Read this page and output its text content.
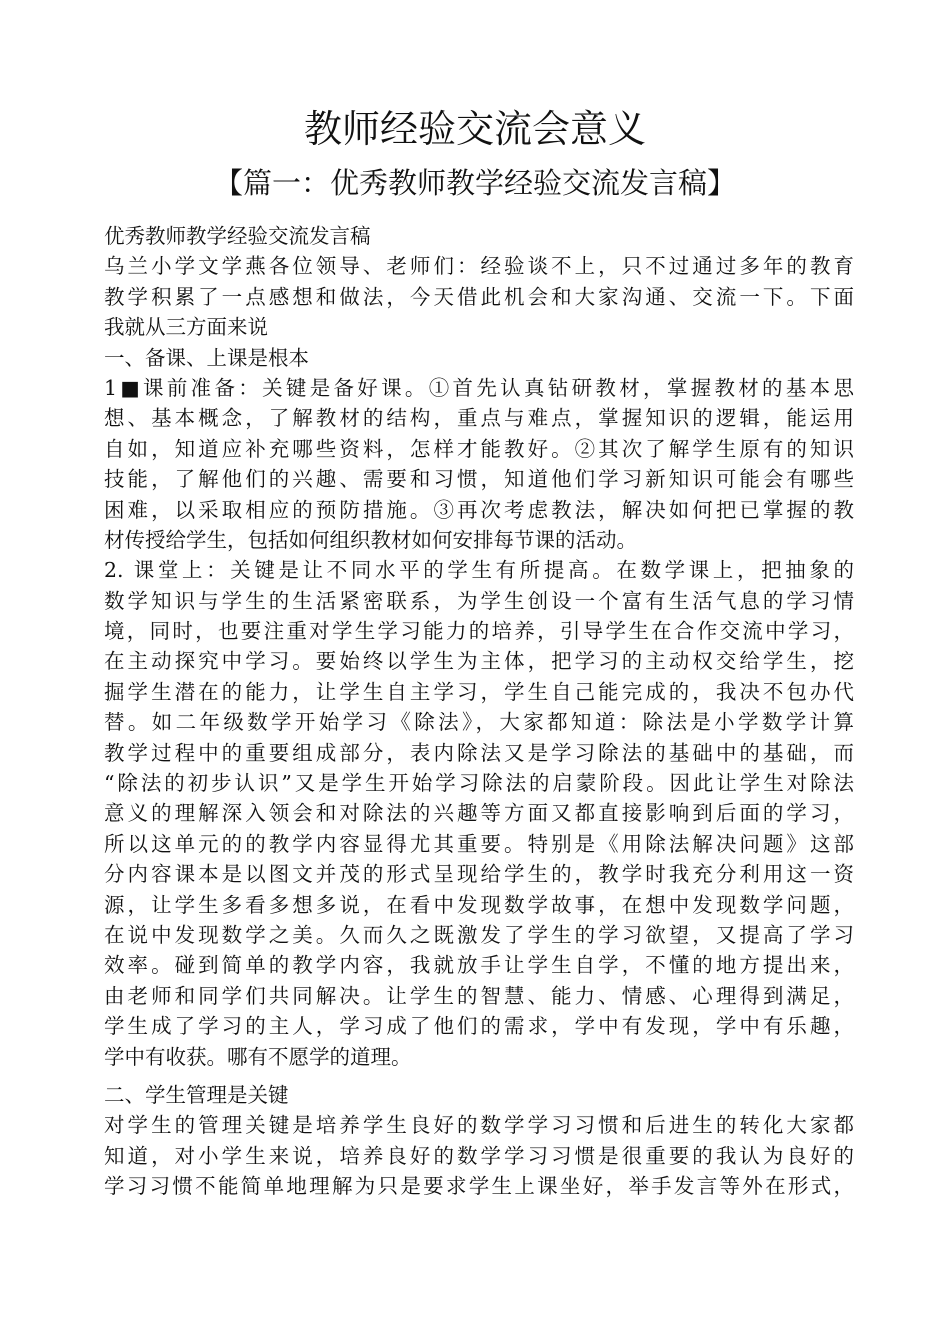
教师经验交流会意义
【篇一：优秀教师教学经验交流发言稿】
优秀教师教学经验交流发言稿
乌兰小学文学燕各位领导、老师们：经验谈不上，只不过通过多年的教育
教学积累了一点感想和做法，今天借此机会和大家沟通、交流一下。下面
我就从三方面来说
一、备课、上课是根本
1■课前准备：关键是备好课。①首先认真钻研教材，掌握教材的基本思
想、基本概念，了解教材的结构，重点与难点，掌握知识的逻辑，能运用
自如，知道应补充哪些资料，怎样才能教好。②其次了解学生原有的知识
技能，了解他们的兴趣、需要和习惯，知道他们学习新知识可能会有哪些
困难，以采取相应的预防措施。③再次考虑教法，解决如何把已掌握的教
材传授给学生，包括如何组织教材如何安排每节课的活动。
2. 课堂上：关键是让不同水平的学生有所提高。在数学课上，把抽象的
数学知识与学生的生活紧密联系，为学生创设一个富有生活气息的学习情
境，同时，也要注重对学生学习能力的培养，引导学生在合作交流中学习，
在主动探究中学习。要始终以学生为主体，把学习的主动权交给学生，挖
掘学生潜在的能力，让学生自主学习，学生自己能完成的，我决不包办代
替。如二年级数学开始学习《除法》，大家都知道：除法是小学数学计算
教学过程中的重要组成部分，表内除法又是学习除法的基础中的基础，而
“除法的初步认识”又是学生开始学习除法的启蒙阶段。因此让学生对除法
意义的理解深入领会和对除法的兴趣等方面又都直接影响到后面的学习，
所以这单元的的教学内容显得尤其重要。特别是《用除法解决问题》这部
分内容课本是以图文并茂的形式呈现给学生的，教学时我充分利用这一资
源，让学生多看多想多说，在看中发现数学故事，在想中发现数学问题，
在说中发现数学之美。久而久之既激发了学生的学习欲望，又提高了学习
效率。碰到简单的教学内容，我就放手让学生自学，不懂的地方提出来，
由老师和同学们共同解决。让学生的智慧、能力、情感、心理得到满足，
学生成了学习的主人，学习成了他们的需求，学中有发现，学中有乐趣，
学中有收获。哪有不愿学的道理。
二、学生管理是关键
对学生的管理关键是培养学生良好的数学学习习惯和后进生的转化大家都
知道，对小学生来说，培养良好的数学学习习惯是很重要的我认为良好的
学习习惯不能简单地理解为只是要求学生上课坐好，举手发言等外在形式，
